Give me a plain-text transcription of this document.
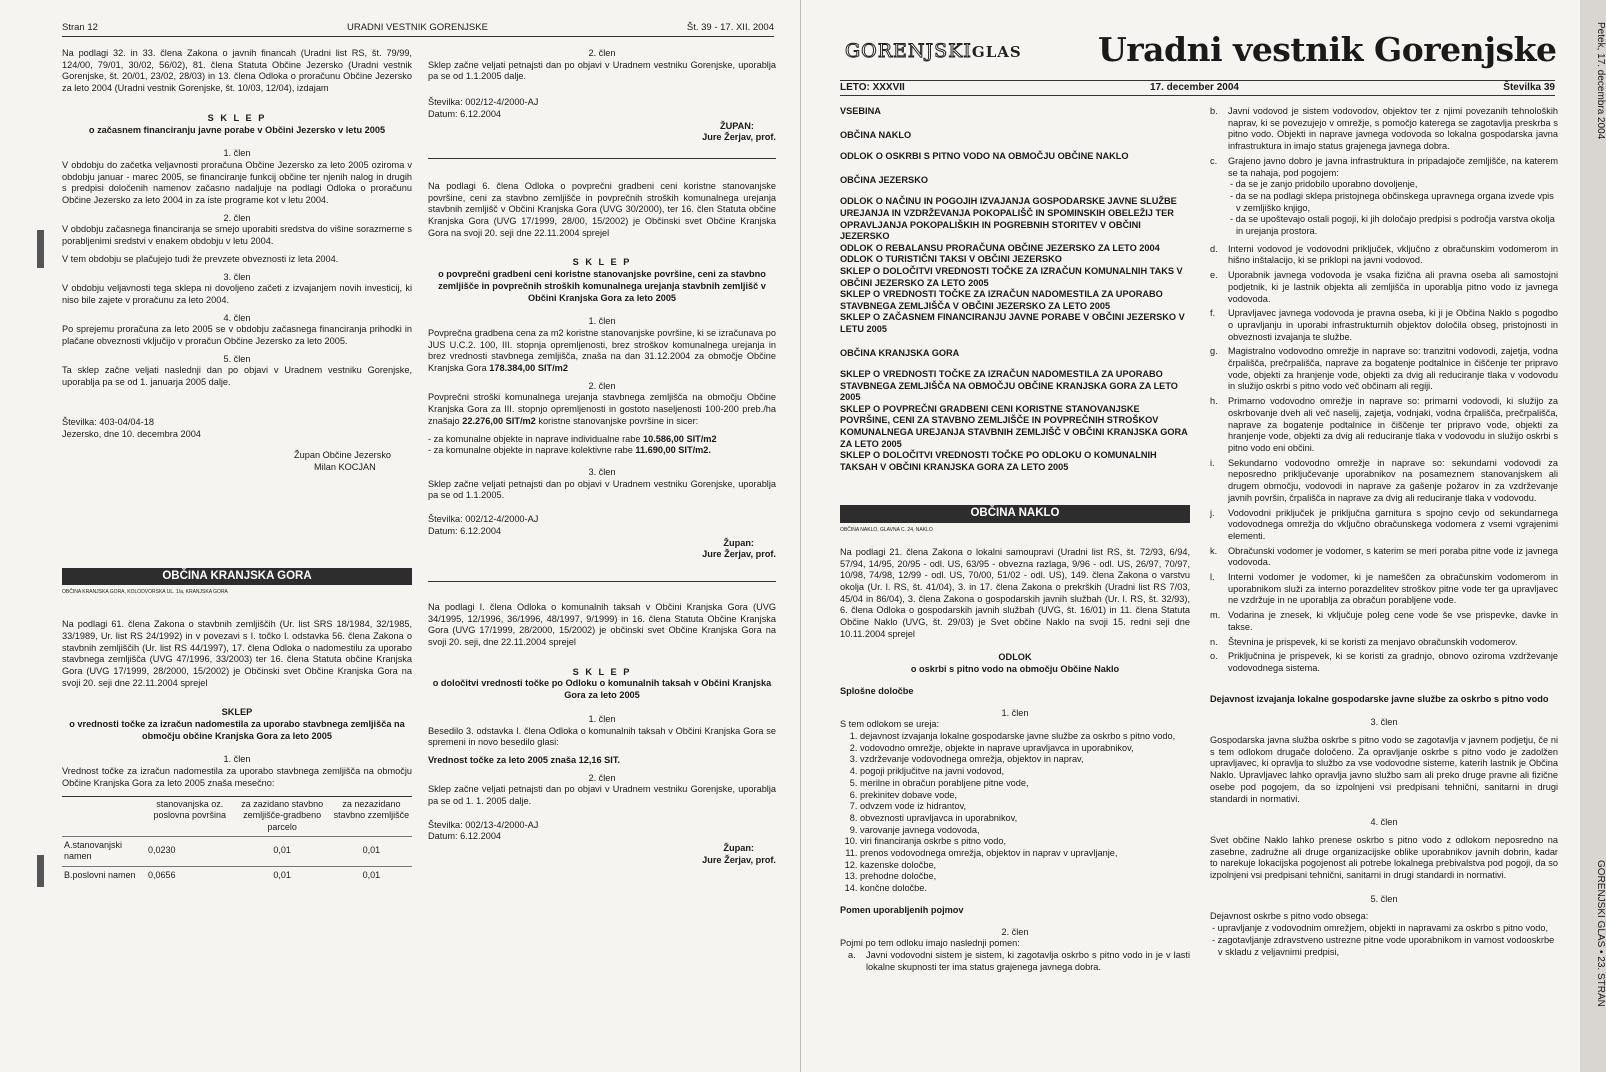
Stran 12	URADNI VESTNIK GORENJSKE	Št. 39 - 17. XII. 2004

Na podlagi 32. in 33. člena Zakona o javnih financah (Uradni list RS, št. 79/99, 124/00, 79/01, 30/02, 56/02), 81. člena Statuta Občine Jezersko (Uradni vestnik Gorenjske, št. 20/01, 23/02, 28/03) in 13. člena Odloka o proračunu Občine Jezersko za leto 2004 (Uradni vestnik Gorenjske, št. 10/03, 12/04), izdajam

S K L E P
o začasnem financiranju javne porabe v Občini Jezersko v letu 2005
1. člen

V obdobju do začetka veljavnosti proračuna Občine Jezersko za leto 2005 oziroma v obdobju januar - marec 2005, se financiranje funkcij občine ter njenih nalog in drugih s predpisi določenih namenov začasno nadaljuje na podlagi Odloka o proračunu Občine Jezersko za leto 2004 in za iste programe kot v letu 2004.

2. člen

V obdobju začasnega financiranja se smejo uporabiti sredstva do višine sorazmerne s porabljenimi sredstvi v enakem obdobju v letu 2004.

V tem obdobju se plačujejo tudi že prevzete obveznosti iz leta 2004.

3. člen

V obdobju veljavnosti tega sklepa ni dovoljeno začeti z izvajanjem novih investicij, ki niso bile zajete v proračunu za leto 2004.

4. člen

Po sprejemu proračuna za leto 2005 se v obdobju začasnega financiranja prihodki in plačane obveznosti vključijo v proračun Občine Jezersko za leto 2005.

5. člen

Ta sklep začne veljati naslednji dan po objavi v Uradnem vestniku Gorenjske, uporablja pa se od 1. januarja 2005 dalje.

Številka: 403-04/04-18
Jezersko, dne 10. decembra 2004
Župan Občine Jezersko
Milan KOCJAN
OBČINA KRANJSKA GORA
OBČINA KRANJSKA GORA, KOLODVORSKA UL. 1/a, KRANJSKA GORA

Na podlagi 61. člena Zakona o stavbnih zemljiščih (Ur. list SRS 18/1984, 32/1985, 33/1989, Ur. list RS 24/1992) in v povezavi s I. točko I. odstavka 56. člena Zakona o stavbnih zemljiščih (Ur. list RS 44/1997), 17. člena Odloka o nadomestilu za uporabo stavbnega zemljišča (UVG 47/1996, 33/2003) ter 16. člena Statuta občine Kranjska Gora (UVG 17/1999, 28/2000, 15/2002) je Občinski svet Občine Kranjska Gora na svoji 20. seji dne 22.11.2004 sprejel

SKLEP
o vrednosti točke za izračun nadomestila za uporabo stavbnega zemljišča na območju občine Kranjska Gora za leto 2005
1. člen

Vrednost točke za izračun nadomestila za uporabo stavbnega zemljišča na območju Občine Kranjska Gora za leto 2005 znaša mesečno:

	stanovanjska oz. poslovna površina	za zazidano stavbno zemljišče-gradbeno parcelo	za nezazidano stavbno zzemljišče
A.stanovanjski namen	0,0230	0,01	0,01
B.poslovni namen	0,0656	0,01	0,01
2. člen

Sklep začne veljati petnajsti dan po objavi v Uradnem vestniku Gorenjske, uporablja pa se od 1.1.2005 dalje.

Številka: 002/12-4/2000-AJ
Datum: 6.12.2004
ŽUPAN:
Jure Žerjav, prof.

Na podlagi 6. člena Odloka o povprečni gradbeni ceni koristne stanovanjske površine, ceni za stavbno zemljišče in povprečnih stroških komunalnega urejanja stavbnih zemljišč v Občini Kranjska Gora (UVG 30/2000), ter 16. člen Statuta občine Kranjska Gora (UVG 17/1999, 28/00, 15/2002) je Občinski svet Občine Kranjska Gora na svoji 20. seji dne 22.11.2004 sprejel

S K L E P
o povprečni gradbeni ceni koristne stanovanjske površine, ceni za stavbno zemljišče in povprečnih stroških komunalnega urejanja stavbnih zemljišč v Občini Kranjska Gora za leto 2005
1. člen

Povprečna gradbena cena za m2 koristne stanovanjske površine, ki se izračunava po JUS U.C.2. 100, III. stopnja opremljenosti, brez stroškov komunalnega urejanja in brez vrednosti stavbnega zemljišča, znaša na dan 31.12.2004 za območje Občine Kranjska Gora 178.384,00 SIT/m2

2. člen

Povprečni stroški komunalnega urejanja stavbnega zemljišča na območju Občine Kranjska Gora za III. stopnjo opremljenosti in gostoto naseljenosti 100-200 preb./ha znašajo 22.276,00 SIT/m2 koristne stanovanjske površine in sicer:

- za komunalne objekte in naprave individualne rabe 10.586,00 SIT/m2
- za komunalne objekte in naprave kolektivne rabe 11.690,00 SIT/m2.
3. člen

Sklep začne veljati petnajsti dan po objavi v Uradnem vestniku Gorenjske, uporablja pa se od 1.1.2005.

Številka: 002/12-4/2000-AJ
Datum: 6.12.2004
Župan:
Jure Žerjav, prof.

Na podlagi I. člena Odloka o komunalnih taksah v Občini Kranjska Gora (UVG 34/1995, 12/1996, 36/1996, 48/1997, 9/1999) in 16. člena Statuta Občine Kranjska Gora (UVG 17/1999, 28/2000, 15/2002) je občinski svet Občine Kranjska Gora na svoji 20. seji, dne 22.11.2004 sprejel

S K L E P
o določitvi vrednosti točke po Odloku o komunalnih taksah v Občini Kranjska Gora za leto 2005
1. člen

Besedilo 3. odstavka I. člena Odloka o komunalnih taksah v Občini Kranjska Gora se spremeni in novo besedilo glasi:

Vrednost točke za leto 2005 znaša 12,16 SIT.

2. člen

Sklep začne veljati petnajsti dan po objavi v Uradnem vestniku Gorenjske, uporablja pa se od 1. 1. 2005 dalje.

Številka: 002/13-4/2000-AJ
Datum: 6.12.2004
Župan:
Jure Žerjav, prof.
Petek, 17. decembra 2004
GORENJSKI GLAS • 23. STRAN
GORENJSKIGLAS Uradni vestnik Gorenjske
LETO: XXXVII	17. december 2004	Številka 39
VSEBINA
OBČINA NAKLO
ODLOK O OSKRBI S PITNO VODO NA OBMOČJU OBČINE NAKLO
OBČINA JEZERSKO
ODLOK O NAČINU IN POGOJIH IZVAJANJA GOSPODARSKE JAVNE SLUŽBE UREJANJA IN VZDRŽEVANJA POKOPALIŠČ IN SPOMINSKIH OBELEŽIJ TER OPRAVLJANJA POKOPALIŠKIH IN POGREBNIH STORITEV V OBČINI JEZERSKO
ODLOK O REBALANSU PRORAČUNA OBČINE JEZERSKO ZA LETO 2004
ODLOK O TURISTIČNI TAKSI V OBČINI JEZERSKO
SKLEP O DOLOČITVI VREDNOSTI TOČKE ZA IZRAČUN KOMUNALNIH TAKS V OBČINI JEZERSKO ZA LETO 2005
SKLEP O VREDNOSTI TOČKE ZA IZRAČUN NADOMESTILA ZA UPORABO STAVBNEGA ZEMLJIŠČA V OBČINI JEZERSKO ZA LETO 2005
SKLEP O ZAČASNEM FINANCIRANJU JAVNE PORABE V OBČINI JEZERSKO V LETU 2005
OBČINA KRANJSKA GORA
SKLEP O VREDNOSTI TOČKE ZA IZRAČUN NADOMESTILA ZA UPORABO STAVBNEGA ZEMLJIŠČA NA OBMOČJU OBČINE KRANJSKA GORA ZA LETO 2005
SKLEP O POVPREČNI GRADBENI CENI KORISTNE STANOVANJSKE POVRŠINE, CENI ZA STAVBNO ZEMLJIŠČE IN POVPREČNIH STROŠKOV KOMUNALNEGA UREJANJA STAVBNIH ZEMLJIŠČ V OBČINI KRANJSKA GORA ZA LETO 2005
SKLEP O DOLOČITVI VREDNOSTI TOČKE PO ODLOKU O KOMUNALNIH TAKSAH V OBČINI KRANJSKA GORA ZA LETO 2005
OBČINA NAKLO
OBČINA NAKLO, GLAVNA C. 24, NAKLO

Na podlagi 21. člena Zakona o lokalni samoupravi (Uradni list RS, št. 72/93, 6/94, 57/94, 14/95, 20/95 - odl. US, 63/95 - obvezna razlaga, 9/96 - odl. US, 26/97, 70/97, 10/98, 74/98, 12/99 - odl. US, 70/00, 51/02 - odl. US), 149. člena Zakona o varstvu okolja (Ur. l. RS, št. 41/04), 3. in 17. člena Zakona o prekrških (Uradni list RS 7/03, 45/04 in 86/04), 3. člena Zakona o gospodarskih javnih službah (Ur. l. RS, št. 32/93), 6. člena Odloka o gospodarskih javnih službah (UVG, št. 16/01) in 11. člena Statuta Občine Naklo (UVG, št. 29/03) je Svet občine Naklo na svoji 15. redni seji dne 10.11.2004 sprejel

ODLOK
o oskrbi s pitno vodo na območju Občine Naklo
Splošne določbe
1. člen
S tem odlokom se ureja:
1. dejavnost izvajanja lokalne gospodarske javne službe za oskrbo s pitno vodo,
2. vodovodno omrežje, objekte in naprave upravljavca in uporabnikov,
3. vzdrževanje vodovodnega omrežja, objektov in naprav,
4. pogoji priključitve na javni vodovod,
5. merilne in obračun porabljene pitne vode,
6. prekinitev dobave vode,
7. odvzem vode iz hidrantov,
8. obveznosti upravljavca in uporabnikov,
9. varovanje javnega vodovoda,
10. viri financiranja oskrbe s pitno vodo,
11. prenos vodovodnega omrežja, objektov in naprav v upravljanje,
12. kazenske določbe,
13. prehodne določbe,
14. končne določbe.
Pomen uporabljenih pojmov
2. člen
Pojmi po tem odloku imajo naslednji pomen:
a.	Javni vodovodni sistem je sistem, ki zagotavlja oskrbo s pitno vodo in je v lasti lokalne skupnosti ter ima status grajenega javnega dobra.
b.	Javni vodovod je sistem vodovodov, objektov ter z njimi povezanih tehnoloških naprav, ki se povezujejo v omrežje, s pomočjo katerega se zagotavlja preskrba s pitno vodo. Objekti in naprave javnega vodovoda so lokalna gospodarska javna infrastruktura in imajo status grajenega javnega dobra.
c.	Grajeno javno dobro je javna infrastruktura in pripadajoče zemljišče, na katerem se ta nahaja, pod pogojem:
- da se je zanjo pridobilo uporabno dovoljenje,
- da se na podlagi sklepa pristojnega občinskega upravnega organa izvede vpis v zemljiško knjigo,
- da se upoštevajo ostali pogoji, ki jih določajo predpisi s področja varstva okolja in urejanja prostora.
d.	Interni vodovod je vodovodni priključek, vključno z obračunskim vodomerom in hišno inštalacijo, ki se priklopi na javni vodovod.
e.	Uporabnik javnega vodovoda je vsaka fizična ali pravna oseba ali samostojni podjetnik, ki je lastnik objekta ali zemljišča in uporablja pitno vodo iz javnega vodovoda.
f.	Upravljavec javnega vodovoda je pravna oseba, ki ji je Občina Naklo s pogodbo o upravljanju in uporabi infrastrukturnih objektov določila obseg, pristojnosti in obveznosti izvajanja te službe.
g.	Magistralno vodovodno omrežje in naprave so: tranzitni vodovodi, zajetja, vodna črpališča, prečrpališča, naprave za bogatenje podtalnice in čiščenje ter pripravo vode, objekti za hranjenje vode, objekti za dvig ali reduciranje tlaka v vodovodu in služijo oskrbi s pitno vodo več občinam ali regiji.
h.	Primarno vodovodno omrežje in naprave so: primarni vodovodi, ki služijo za oskrbovanje dveh ali več naselij, zajetja, vodnjaki, vodna črpališča, prečrpališča, naprave za bogatenje podtalnice in čiščenje ter pripravo vode, objekti za hranjenje vode, objekti za dvig ali reduciranje tlaka v vodovodu in služijo oskrbi s pitno vodo eni občini.
i.	Sekundarno vodovodno omrežje in naprave so: sekundarni vodovodi za neposredno priključevanje uporabnikov na posameznem stanovanjskem ali drugem območju, vodovodi in naprave za gašenje požarov in za vzdrževanje javnih površin, črpališča in naprave za dvig ali reduciranje tlaka v vodovodu.
j.	Vodovodni priključek je priključna garnitura s spojno cevjo od sekundarnega vodovodnega omrežja do vključno obračunskega vodomera z vsemi vgrajenimi elementi.
k.	Obračunski vodomer je vodomer, s katerim se meri poraba pitne vode iz javnega vodovoda.
l.	Interni vodomer je vodomer, ki je nameščen za obračunskim vodomerom in uporabnikom služi za interno porazdelitev stroškov pitne vode ter ga upravljavec ne vzdržuje in ne uporablja za obračun porabljene vode.
m. Vodarina je znesek, ki vključuje poleg cene vode še vse prispevke, davke in takse.
n.	Števnina je prispevek, ki se koristi za menjavo obračunskih vodomerov.
o.	Priključnina je prispevek, ki se koristi za gradnjo, obnovo oziroma vzdrževanje vodovodnega sistema.
Dejavnost izvajanja lokalne gospodarske javne službe za oskrbo s pitno vodo
3. člen

Gospodarska javna služba oskrbe s pitno vodo se zagotavlja v javnem podjetju, če ni s tem odlokom drugače določeno. Za opravljanje oskrbe s pitno vodo je zadolžen upravljavec, ki opravlja to službo za vse vodovodne sisteme, katerih lastnik je Občina Naklo. Upravljavec lahko opravlja javno službo sam ali preko druge pravne ali fizične osebe pod pogojem, da so izpolnjeni vsi predpisani tehnični, sanitarni in drugi standardi in normativi.

4. člen

Svet občine Naklo lahko prenese oskrbo s pitno vodo z odlokom neposredno na zasebne, zadružne ali druge organizacijske oblike uporabnikov javnih dobrin, kadar to narekuje lokacijska pogojenost ali potrebe lokalnega prebivalstva pod pogoji, da so izpolnjeni vsi predpisani tehnični, sanitarni in drugi standardi in normativi.

5. člen
Dejavnost oskrbe s pitno vodo obsega:
- upravljanje z vodovodnim omrežjem, objekti in napravami za oskrbo s pitno vodo,
- zagotavljanje zdravstveno ustrezne pitne vode uporabnikom in varnost vodooskrbe v skladu z veljavnimi predpisi,
